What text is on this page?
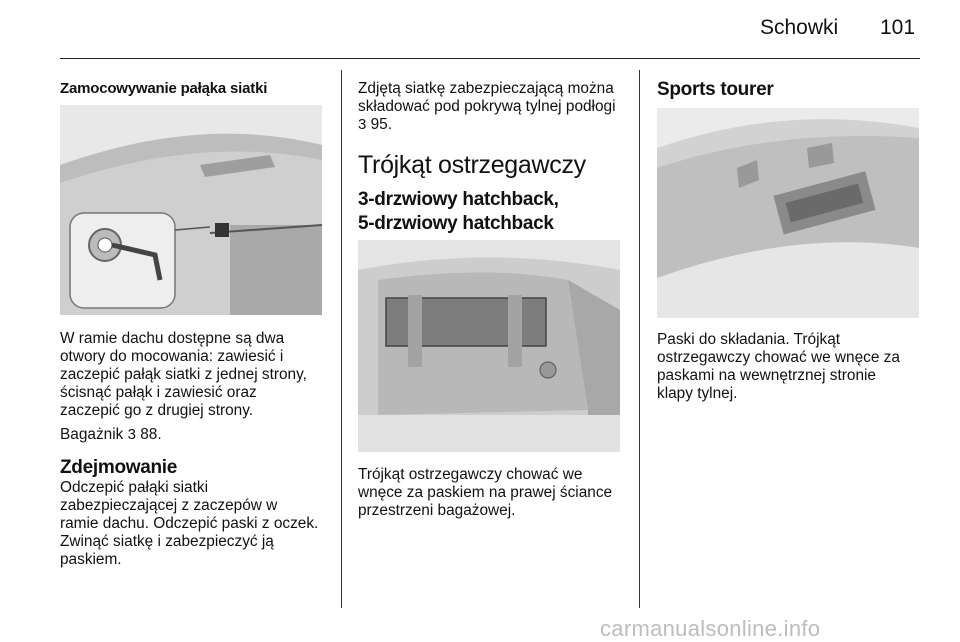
Schowki 101
Zamocowywanie pałąka siatki

W ramie dachu dostępne są dwa

otwory do mocowania: zawiesić i

zaczepić pałąk siatki z jednej strony,

ścisnąć pałąk i zawiesić oraz

zaczepić go z drugiej strony.

Bagażnik 3 88.
Zdejmowanie

Odczepić pałąki siatki

zabezpieczającej z zaczepów w

ramie dachu. Odczepić paski z oczek.

Zwinąć siatkę i zabezpieczyć ją

paskiem.

Zdjętą siatkę zabezpieczającą można

składować pod pokrywą tylnej podłogi

3 95.

Trójkąt ostrzegawczy

3-drzwiowy hatchback,

5-drzwiowy hatchback

Trójkąt ostrzegawczy chować we

wnęce za paskiem na prawej ściance

przestrzeni bagażowej.

Sports tourer

Paski do składania. Trójkąt

ostrzegawczy chować we wnęce za

paskami na wewnętrznej stronie

klapy tylnej.

carmanualsonline.info
